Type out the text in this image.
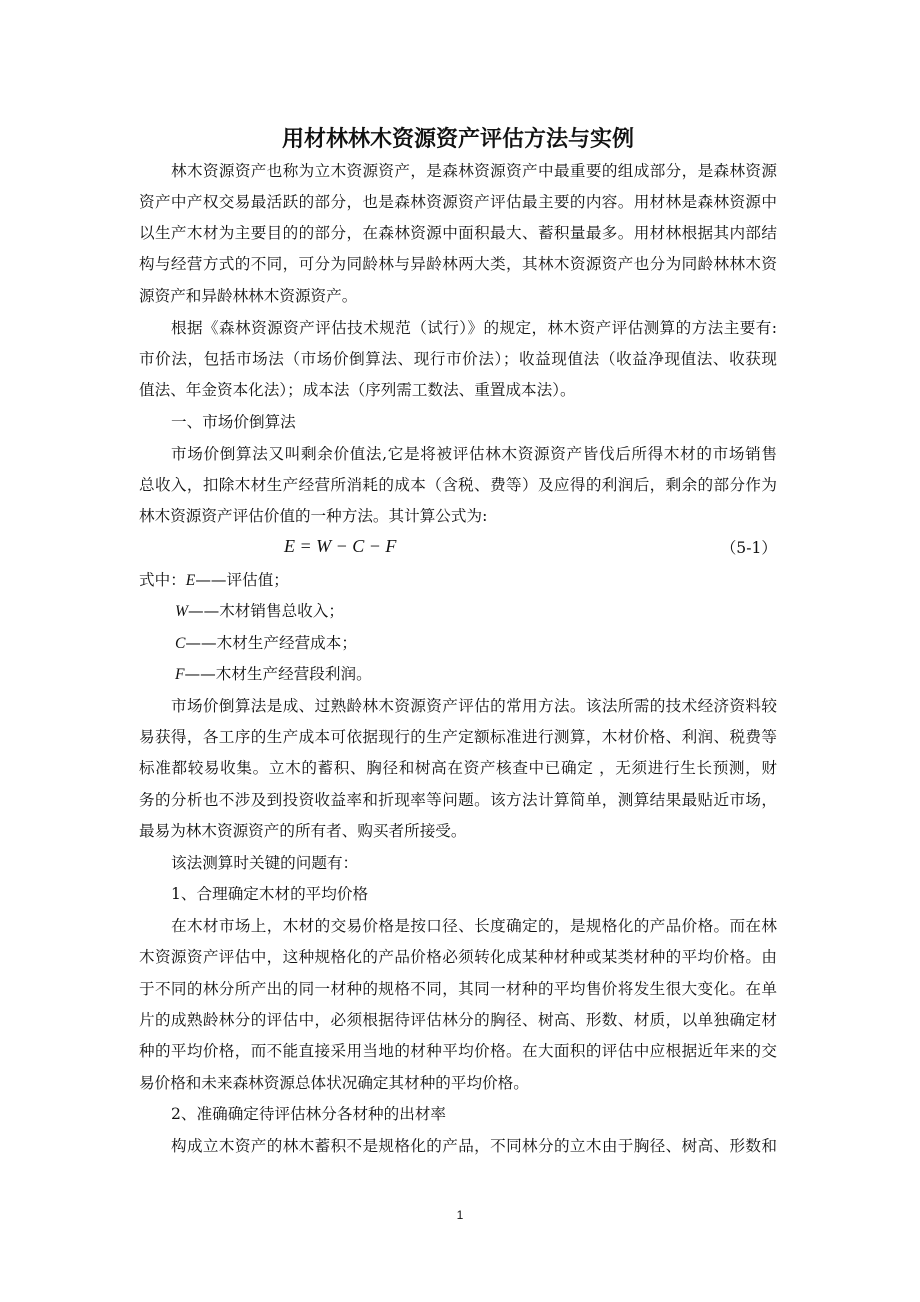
用材林林木资源资产评估方法与实例
林木资源资产也称为立木资源资产，是森林资源资产中最重要的组成部分，是森林资源
资产中产权交易最活跃的部分，也是森林资源资产评估最主要的内容。用材林是森林资源中
以生产木材为主要目的的部分，在森林资源中面积最大、蓄积量最多。用材林根据其内部结
构与经营方式的不同，可分为同龄林与异龄林两大类，其林木资源资产也分为同龄林林木资
源资产和异龄林林木资源资产。
根据《森林资源资产评估技术规范（试行）》的规定，林木资产评估测算的方法主要有:
市价法，包括市场法（市场价倒算法、现行市价法）；收益现值法（收益净现值法、收获现
值法、年金资本化法）；成本法（序列需工数法、重置成本法）。
一、市场价倒算法
市场价倒算法又叫剩余价值法,它是将被评估林木资源资产皆伐后所得木材的市场销售
总收入，扣除木材生产经营所消耗的成本（含税、费等）及应得的利润后，剩余的部分作为
林木资源资产评估价值的一种方法。其计算公式为:
E = W − C − F	（5-1）
式中：E——评估值；
W——木材销售总收入；
C——木材生产经营成本；
F——木材生产经营段利润。
市场价倒算法是成、过熟龄林木资源资产评估的常用方法。该法所需的技术经济资料较
易获得，各工序的生产成本可依据现行的生产定额标准进行测算，木材价格、利润、税费等
标准都较易收集。立木的蓄积、胸径和树高在资产核查中已确定 ，无须进行生长预测，财
务的分析也不涉及到投资收益率和折现率等问题。该方法计算简单，测算结果最贴近市场，
最易为林木资源资产的所有者、购买者所接受。
该法测算时关键的问题有：
1、合理确定木材的平均价格
在木材市场上，木材的交易价格是按口径、长度确定的，是规格化的产品价格。而在林
木资源资产评估中，这种规格化的产品价格必须转化成某种材种或某类材种的平均价格。由
于不同的林分所产出的同一材种的规格不同，其同一材种的平均售价将发生很大变化。在单
片的成熟龄林分的评估中，必须根据待评估林分的胸径、树高、形数、材质，以单独确定材
种的平均价格，而不能直接采用当地的材种平均价格。在大面积的评估中应根据近年来的交
易价格和未来森林资源总体状况确定其材种的平均价格。
2、准确确定待评估林分各材种的出材率
构成立木资产的林木蓄积不是规格化的产品，不同林分的立木由于胸径、树高、形数和
1
